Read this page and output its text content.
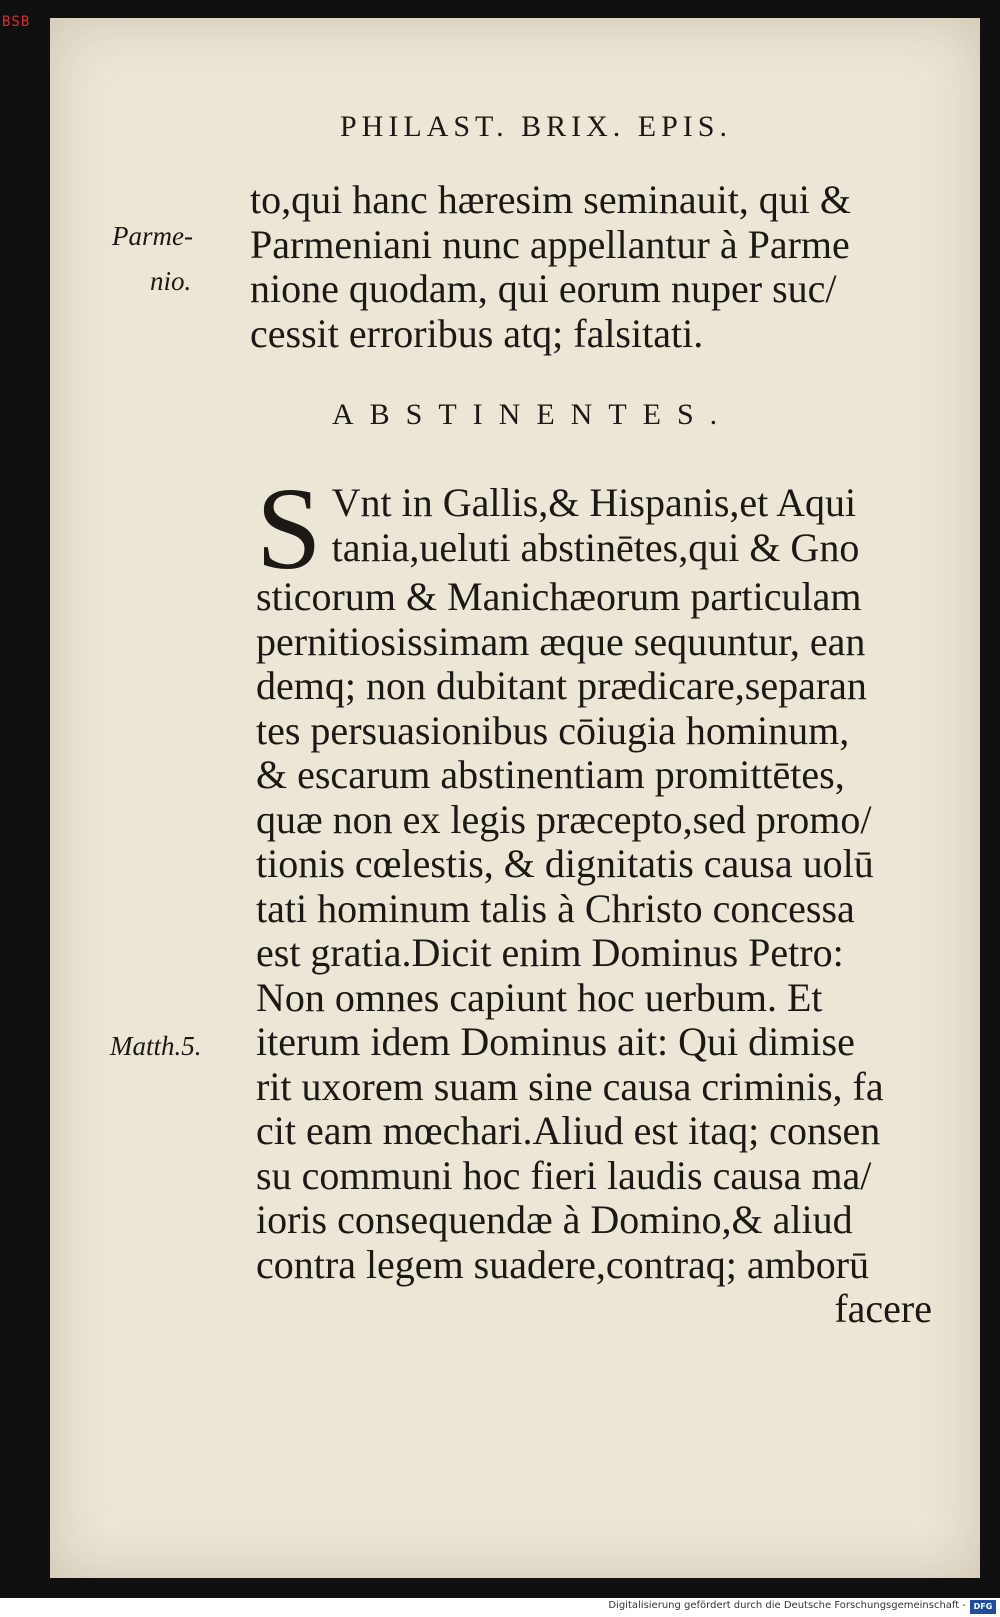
BSB
PHILAST. BRIX. EPIS.
Parme-
nio.
to,qui hanc hæresim seminauit, qui &
Parmeniani nunc appellantur à Parme
nione quodam, qui eorum nuper suc/
cessit erroribus atq; falsitati.
ABSTINENTES.
Matth.5.
S Vnt in Gallis,& Hispanis,et Aqui
tania,ueluti abstinētes,qui & Gno
sticorum & Manichæorum particulam
pernitiosissimam æque sequuntur, ean
demq; non dubitant prædicare,separan
tes persuasionibus cōiugia hominum,
& escarum abstinentiam promittētes,
quæ non ex legis præcepto,sed promo/
tionis cœlestis, & dignitatis causa uolū
tati hominum talis à Christo concessa
est gratia.Dicit enim Dominus Petro:
Non omnes capiunt hoc uerbum. Et
iterum idem Dominus ait: Qui dimise
rit uxorem suam sine causa criminis, fa
cit eam mœchari.Aliud est itaq; consen
su communi hoc fieri laudis causa ma/
ioris consequendæ à Domino,& aliud
contra legem suadere,contraq; amborū
facere
Digitalisierung gefördert durch die Deutsche Forschungsgemeinschaft - DFG
